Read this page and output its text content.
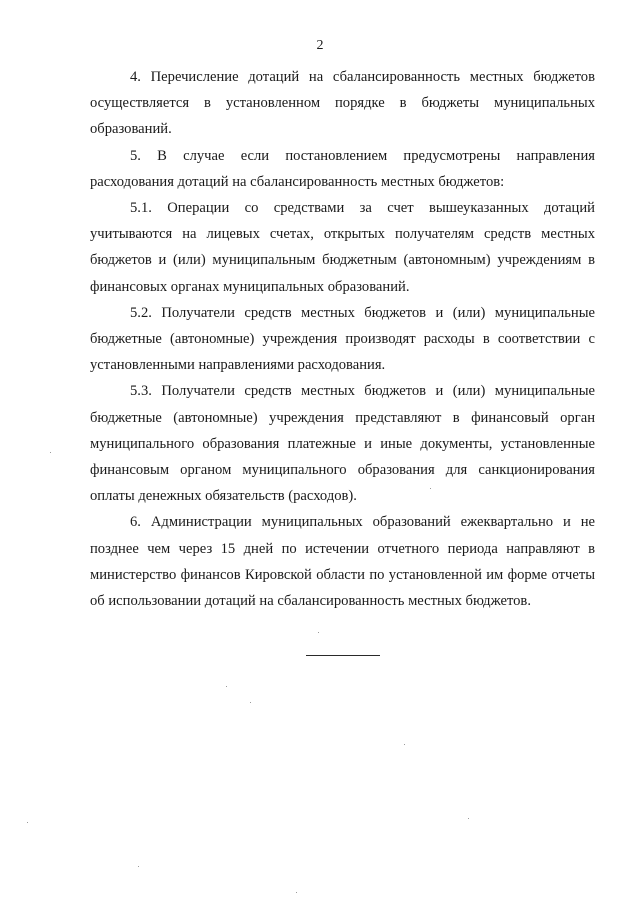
2

4. Перечисление дотаций на сбалансированность местных бюджетов осуществляется в установленном порядке в бюджеты муниципальных образований.

5. В случае если постановлением предусмотрены направления расходования дотаций на сбалансированность местных бюджетов:

5.1. Операции со средствами за счет вышеуказанных дотаций учитываются на лицевых счетах, открытых получателям средств местных бюджетов и (или) муниципальным бюджетным (автономным) учреждениям в финансовых органах муниципальных образований.

5.2. Получатели средств местных бюджетов и (или) муниципальные бюджетные (автономные) учреждения производят расходы в соответствии с установленными направлениями расходования.

5.3. Получатели средств местных бюджетов и (или) муниципальные бюджетные (автономные) учреждения представляют в финансовый орган муниципального образования платежные и иные документы, установленные финансовым органом муниципального образования для санкционирования оплаты денежных обязательств (расходов).

6. Администрации муниципальных образований ежеквартально и не позднее чем через 15 дней по истечении отчетного периода направляют в министерство финансов Кировской области по установленной им форме отчеты об использовании дотаций на сбалансированность местных бюджетов.
